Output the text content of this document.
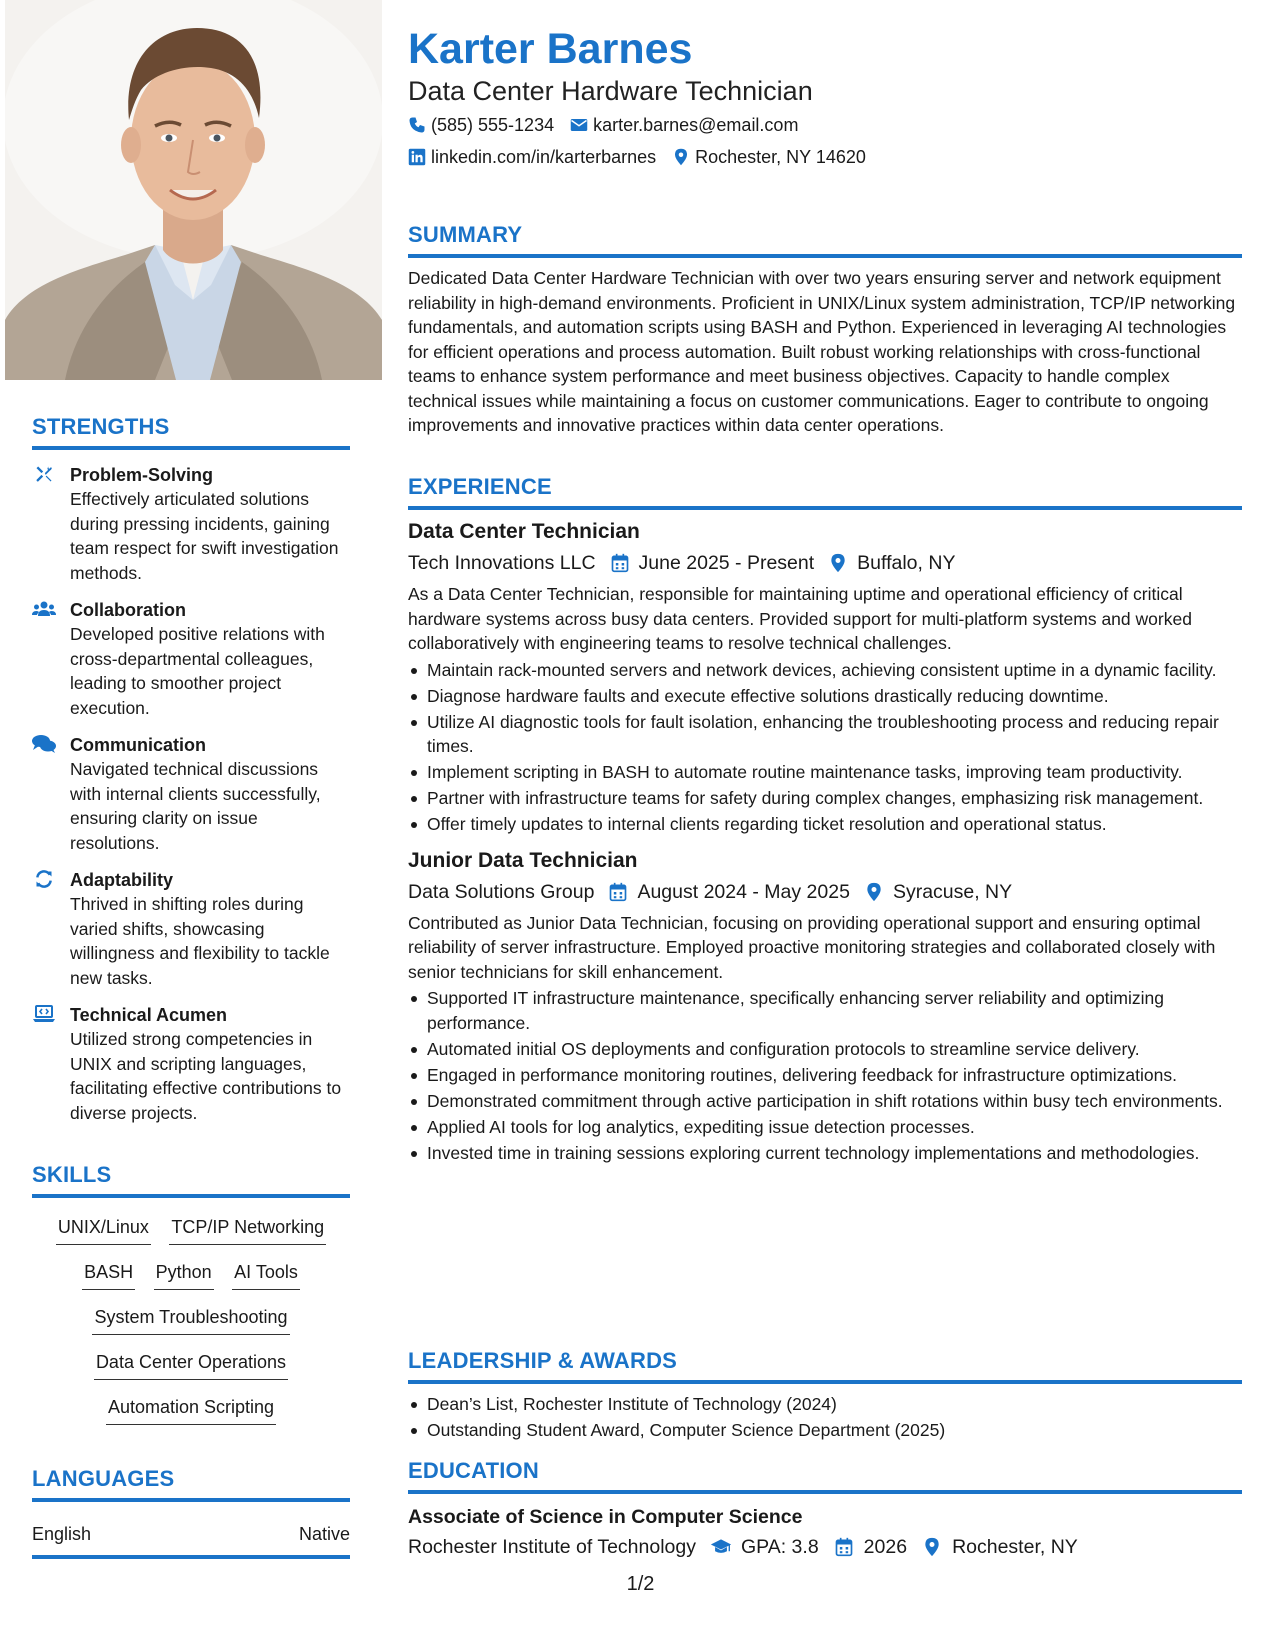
STRENGTHS
Problem-Solving
Effectively articulated solutions during pressing incidents, gaining team respect for swift investigation methods.
Collaboration
Developed positive relations with cross-departmental colleagues, leading to smoother project execution.
Communication
Navigated technical discussions with internal clients successfully, ensuring clarity on issue resolutions.
Adaptability
Thrived in shifting roles during varied shifts, showcasing willingness and flexibility to tackle new tasks.
Technical Acumen
Utilized strong competencies in UNIX and scripting languages, facilitating effective contributions to diverse projects.
SKILLS
UNIX/Linux TCP/IP Networking
BASH Python AI Tools
System Troubleshooting
Data Center Operations
Automation Scripting
LANGUAGES
English	Native
Karter Barnes
Data Center Hardware Technician
(585) 555-1234 karter.barnes@email.com
linkedin.com/in/karterbarnes Rochester, NY 14620
SUMMARY
Dedicated Data Center Hardware Technician with over two years ensuring server and network equipment reliability in high-demand environments. Proficient in UNIX/Linux system administration, TCP/IP networking fundamentals, and automation scripts using BASH and Python. Experienced in leveraging AI technologies for efficient operations and process automation. Built robust working relationships with cross-functional teams to enhance system performance and meet business objectives. Capacity to handle complex technical issues while maintaining a focus on customer communications. Eager to contribute to ongoing improvements and innovative practices within data center operations.
EXPERIENCE
Data Center Technician
Tech Innovations LLC June 2025 - Present Buffalo, NY
As a Data Center Technician, responsible for maintaining uptime and operational efficiency of critical hardware systems across busy data centers. Provided support for multi-platform systems and worked collaboratively with engineering teams to resolve technical challenges.
Maintain rack-mounted servers and network devices, achieving consistent uptime in a dynamic facility.
Diagnose hardware faults and execute effective solutions drastically reducing downtime.
Utilize AI diagnostic tools for fault isolation, enhancing the troubleshooting process and reducing repair times.
Implement scripting in BASH to automate routine maintenance tasks, improving team productivity.
Partner with infrastructure teams for safety during complex changes, emphasizing risk management.
Offer timely updates to internal clients regarding ticket resolution and operational status.
Junior Data Technician
Data Solutions Group August 2024 - May 2025 Syracuse, NY
Contributed as Junior Data Technician, focusing on providing operational support and ensuring optimal reliability of server infrastructure. Employed proactive monitoring strategies and collaborated closely with senior technicians for skill enhancement.
Supported IT infrastructure maintenance, specifically enhancing server reliability and optimizing performance.
Automated initial OS deployments and configuration protocols to streamline service delivery.
Engaged in performance monitoring routines, delivering feedback for infrastructure optimizations.
Demonstrated commitment through active participation in shift rotations within busy tech environments.
Applied AI tools for log analytics, expediting issue detection processes.
Invested time in training sessions exploring current technology implementations and methodologies.
LEADERSHIP & AWARDS
Dean’s List, Rochester Institute of Technology (2024)
Outstanding Student Award, Computer Science Department (2025)
EDUCATION
Associate of Science in Computer Science
Rochester Institute of Technology GPA: 3.8 2026 Rochester, NY
1/2
